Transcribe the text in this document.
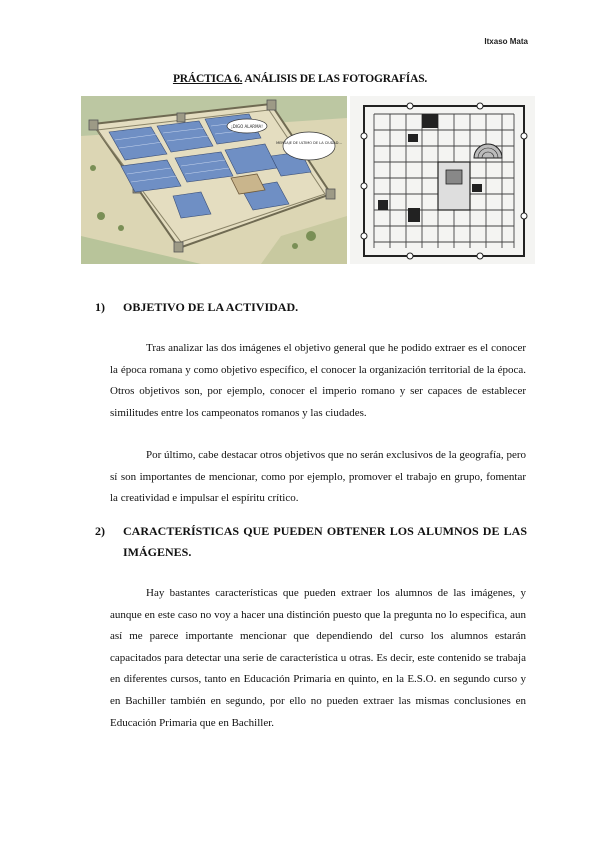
Itxaso Mata
PRÁCTICA 6. ANÁLISIS DE LAS FOTOGRAFÍAS.
¡DIGO ALARMA!
MENSAJE DE ULTIMO DE LA CIUDAD...
1) OBJETIVO DE LA ACTIVIDAD.

Tras analizar las dos imágenes el objetivo general que he podido extraer es el conocer la época romana y como objetivo específico, el conocer la organización territorial de la época. Otros objetivos son, por ejemplo, conocer el imperio romano y ser capaces de establecer similitudes entre los campeonatos romanos y las ciudades.

Por último, cabe destacar otros objetivos que no serán exclusivos de la geografía, pero sí son importantes de mencionar, como por ejemplo, promover el trabajo en grupo, fomentar la creatividad e impulsar el espíritu crítico.

2) CARACTERÍSTICAS QUE PUEDEN OBTENER LOS ALUMNOS DE LAS IMÁGENES.

Hay bastantes características que pueden extraer los alumnos de las imágenes, y aunque en este caso no voy a hacer una distinción puesto que la pregunta no lo especifica, aun así me parece importante mencionar que dependiendo del curso los alumnos estarán capacitados para detectar una serie de característica u otras. Es decir, este contenido se trabaja en diferentes cursos, tanto en Educación Primaria en quinto, en la E.S.O. en segundo curso y en Bachiller también en segundo, por ello no pueden extraer las mismas conclusiones en Educación Primaria que en Bachiller.
